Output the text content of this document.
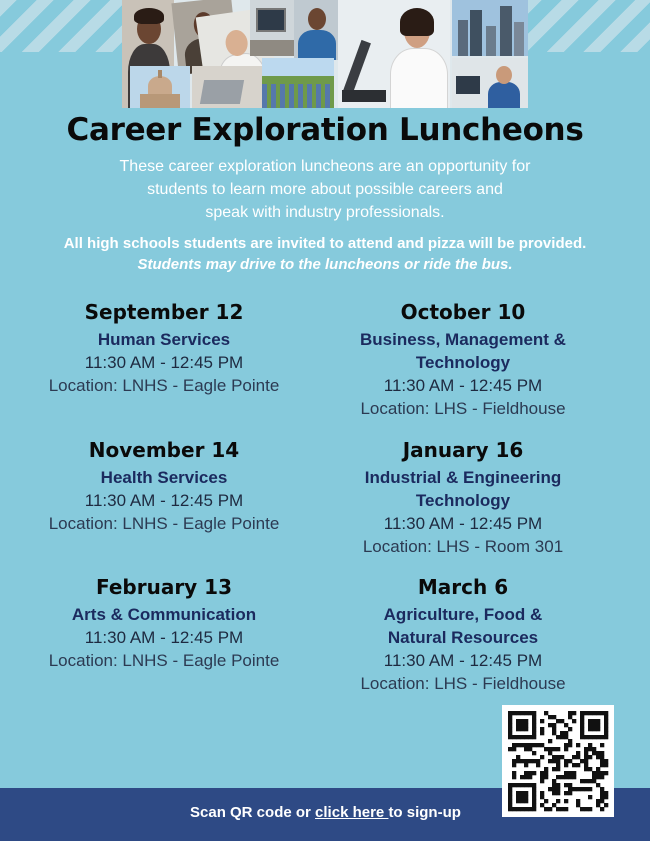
Career Exploration Luncheons
These career exploration luncheons are an opportunity for
students to learn more about possible careers and
speak with industry professionals.
All high schools students are invited to attend and pizza will be provided.
Students may drive to the luncheons or ride the bus.
September 12
Human Services
11:30 AM - 12:45 PM
Location: LNHS - Eagle Pointe
October 10
Business, Management &
Technology
11:30 AM - 12:45 PM
Location: LHS - Fieldhouse
November 14
Health Services
11:30 AM - 12:45 PM
Location: LNHS - Eagle Pointe
January 16
Industrial & Engineering
Technology
11:30 AM - 12:45 PM
Location: LHS - Room 301
February 13
Arts & Communication
11:30 AM - 12:45 PM
Location: LNHS - Eagle Pointe
March 6
Agriculture, Food &
Natural Resources
11:30 AM - 12:45 PM
Location: LHS - Fieldhouse
Scan QR code or click here to sign-up
